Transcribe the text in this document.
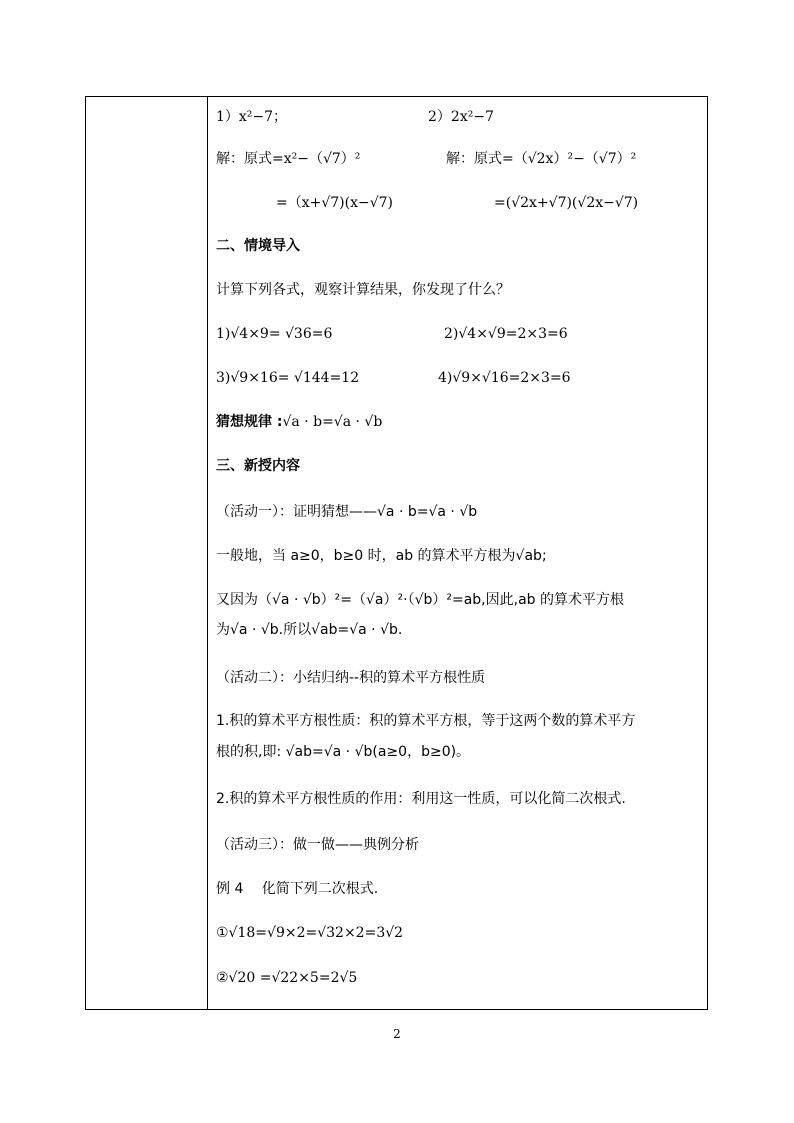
1）x²−7；	2）2x²−7
解：原式=x²−（√7）²	解：原式=（√2x）²−（√7）²
=（x+√7)(x−√7)	=(√2x+√7)(√2x−√7)
二、情境导入
计算下列各式，观察计算结果，你发现了什么？
1)√4×9= √36=6	2)√4×√9=2×3=6
3)√9×16= √144=12	4)√9×√16=2×3=6
猜想规律 :√a · b=√a · √b
三、新授内容
（活动一）：证明猜想——√a · b=√a · √b
一般地，当 a≥0，b≥0 时，ab 的算术平方根为√ab;
又因为（√a · √b）²=（√a）²·（√b）²=ab,因此,ab 的算术平方根
为√a · √b.所以√ab=√a · √b.
（活动二）：小结归纳--积的算术平方根性质
1.积的算术平方根性质：积的算术平方根，等于这两个数的算术平方
根的积,即: √ab=√a · √b(a≥0，b≥0)。
2.积的算术平方根性质的作用：利用这一性质，可以化简二次根式.
（活动三）：做一做——典例分析
例 4　 化简下列二次根式.
①√18=√9×2=√32×2=3√2
②√20 =√22×5=2√5
2
